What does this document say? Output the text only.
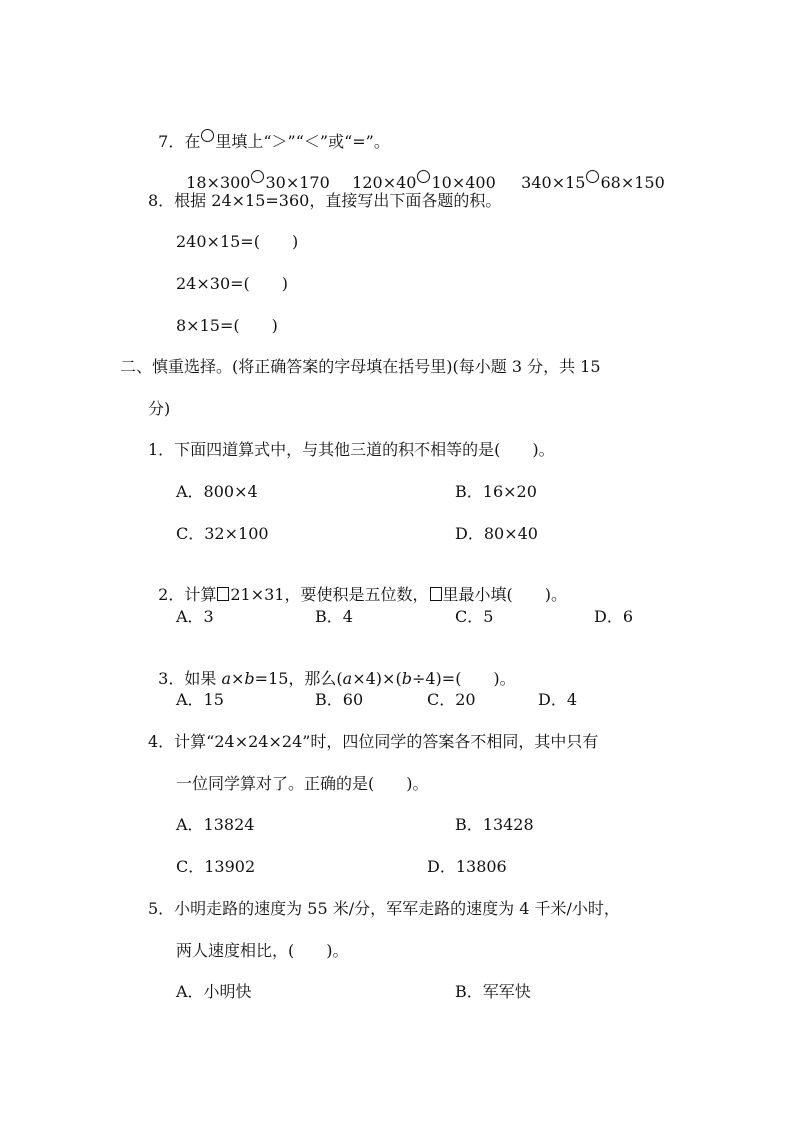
7．在 里填上“＞”“＜”或“=”。

18×300 30×170	120×40 10×400	340×15 68×150

8．根据 24×15=360，直接写出下面各题的积。
240×15=(　　)
24×30=(　　)
8×15=(　　)
二、慎重选择。(将正确答案的字母填在括号里)(每小题 3 分，共 15
分)
1．下面四道算式中，与其他三道的积不相等的是(　　)。
A．800×4	B．16×20
C．32×100	D．80×40

2．计算 21×31，要使积是五位数， 里最小填(　　)。

A．3	B．4	C．5	D．6

3．如果 a×b=15，那么(a×4)×(b÷4)=(　　)。

A．15	B．60	C．20	D．4
4．计算“24×24×24”时，四位同学的答案各不相同，其中只有
一位同学算对了。正确的是(　　)。
A．13824	B．13428
C．13902	D．13806
5．小明走路的速度为 55 米/分，军军走路的速度为 4 千米/小时，
两人速度相比，(　　)。
A．小明快	B．军军快
